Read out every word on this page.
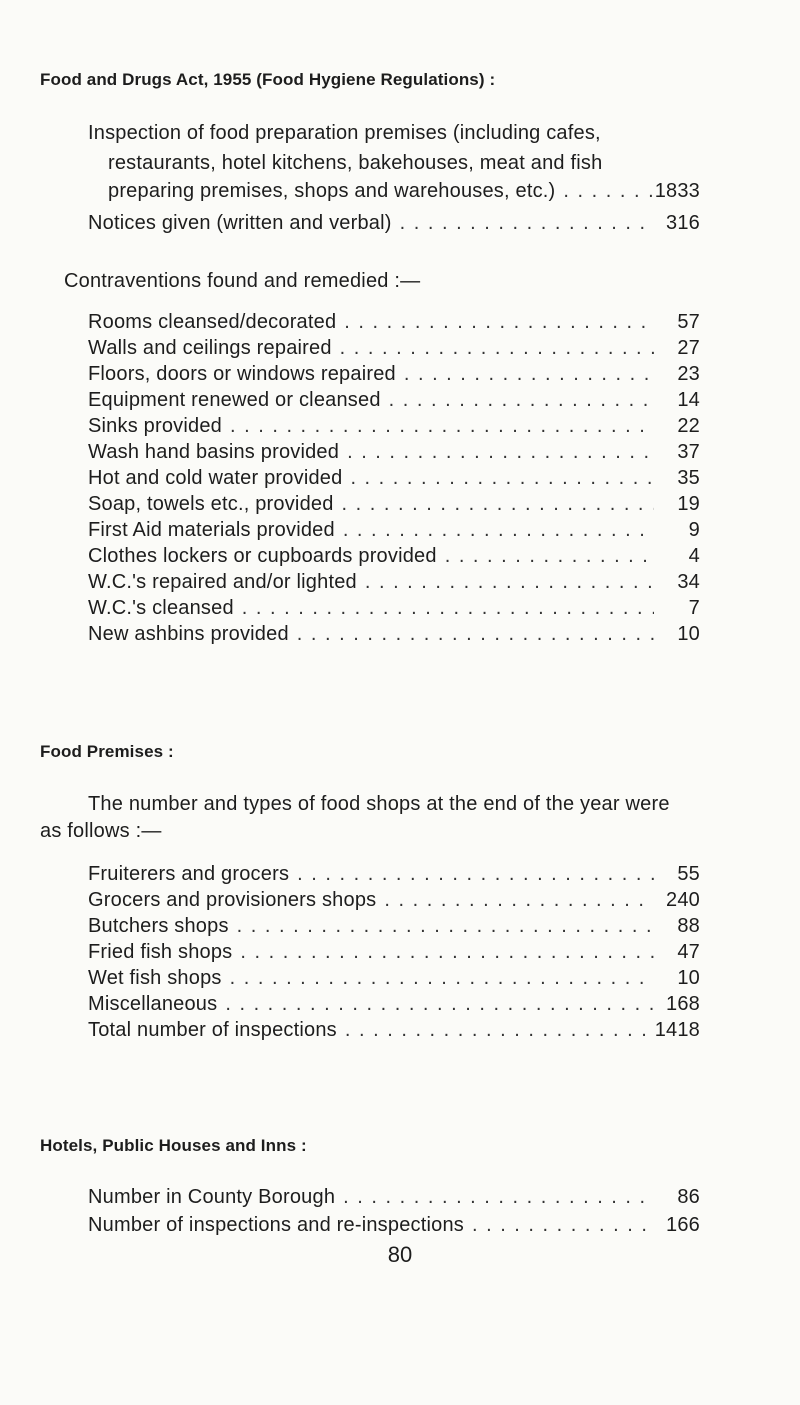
Food and Drugs Act, 1955 (Food Hygiene Regulations) :
Inspection of food preparation premises (including cafes,
restaurants, hotel kitchens, bakehouses, meat and fish
preparing premises, shops and warehouses, etc.) . . .	1833
Notices given (written and verbal) . . .	316
Contraventions found and remedied :—
Rooms cleansed/decorated . . .	57
Walls and ceilings repaired . . .	27
Floors, doors or windows repaired . . .	23
Equipment renewed or cleansed . . .	14
Sinks provided . . .	22
Wash hand basins provided . . .	37
Hot and cold water provided . . .	35
Soap, towels etc., provided . . .	19
First Aid materials provided . . .	9
Clothes lockers or cupboards provided . . .	4
W.C.'s repaired and/or lighted . . .	34
W.C.'s cleansed . . .	7
New ashbins provided . . .	10
Food Premises :
The number and types of food shops at the end of the year were
as follows :—
Fruiterers and grocers . . .	55
Grocers and provisioners shops . . .	240
Butchers shops . . .	88
Fried fish shops . . .	47
Wet fish shops . . .	10
Miscellaneous . . .	168
Total number of inspections . . .	1418
Hotels, Public Houses and Inns :
Number in County Borough . . .	86
Number of inspections and re-inspections . . .	166
80
